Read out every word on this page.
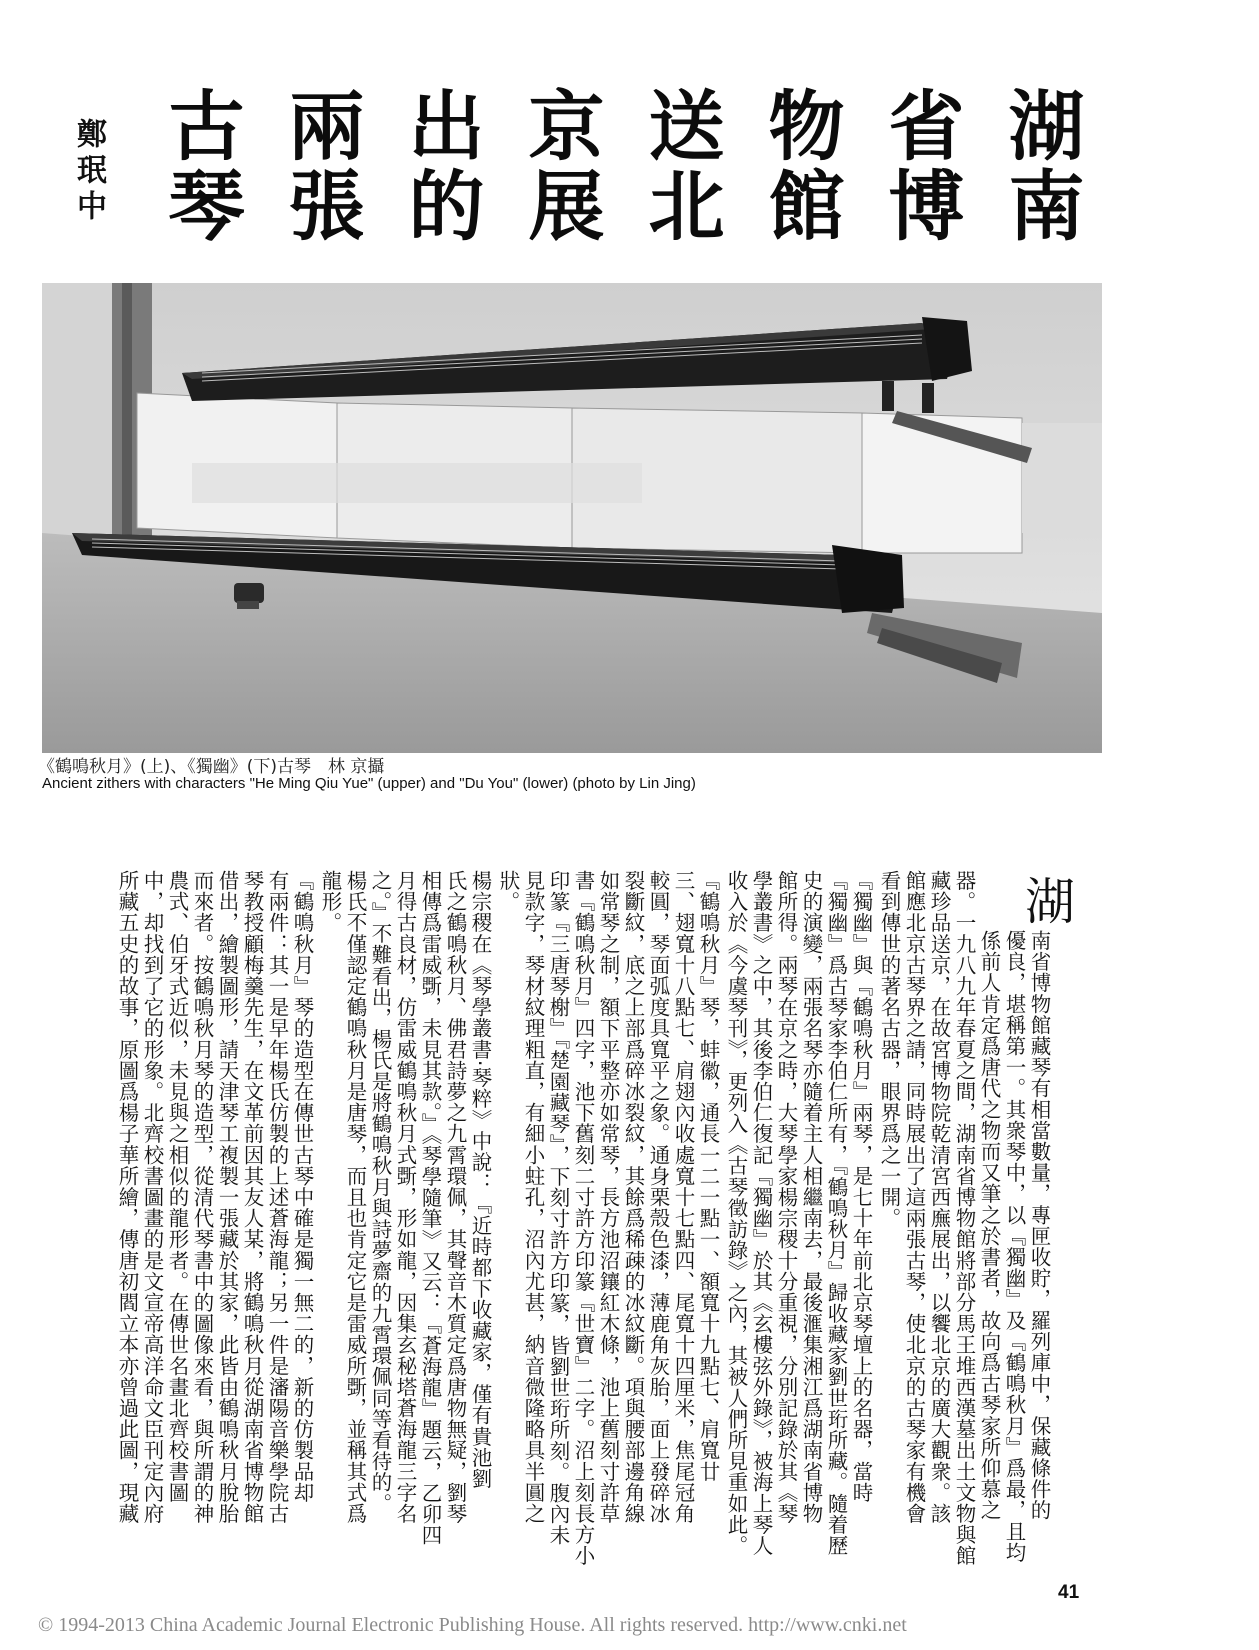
湖南
省博
物館
送北
京展
出的
兩張
古琴
鄭珉中
《鶴鳴秋月》(上)、《獨幽》(下)古琴　林 京攝
Ancient zithers with characters "He Ming Qiu Yue" (upper) and "Du You" (lower) (photo by Lin Jing)
湖
南省博物館藏琴有相當數量，專匣收貯，羅列庫中，保藏條件的
優良，堪稱第一。其衆琴中，以『獨幽』及『鶴鳴秋月』爲最，且均
係前人肯定爲唐代之物而又筆之於書者，故向爲古琴家所仰慕之
器。一九八九年春夏之間，湖南省博物館將部分馬王堆西漢墓出土文物與館
藏珍品送京，在故宮博物院乾清宮西廡展出，以饗北京的廣大觀衆。該
館應北京古琴界之請，同時展出了這兩張古琴，使北京的古琴家有機會
看到傳世的著名古器，眼界爲之一開。
『獨幽』與『鶴鳴秋月』兩琴，是七十年前北京琴壇上的名器，當時
『獨幽』爲古琴家李伯仁所有，『鶴鳴秋月』歸收藏家劉世珩所藏。隨着歷
史的演變，兩張名琴亦隨着主人相繼南去，最後滙集湘江爲湖南省博物
館所得。兩琴在京之時，大琴學家楊宗稷十分重視，分別記錄於其《琴
學叢書》之中，其後李伯仁復記『獨幽』於其《玄樓弦外錄》，被海上琴人
收入於《今虞琴刊》，更列入《古琴徵訪錄》之內，其被人們所見重如此。
『鶴鳴秋月』琴，蚌徽，通長一二一點一、額寬十九點七、肩寬廿
三、翅寬十八點七、肩翅內收處寬十七點四、尾寬十四厘米，焦尾冠角
較圓，琴面弧度具寬平之象。通身栗殼色漆，薄鹿角灰胎，面上發碎冰
裂斷紋，底之上部爲碎冰裂紋，其餘爲稀疎的冰紋斷。項與腰部邊角線
如常琴之制，額下平整亦如常琴，長方池沼鑲紅木條，池上舊刻寸許草
書『鶴鳴秋月』四字，池下舊刻二寸許方印篆『世寶』二字。沼上刻長方小
印篆『三唐琴榭』『楚園藏琴』，下刻寸許方印篆，皆劉世珩所刻。腹內未
見款字，琴材紋理粗直，有細小蛀孔，沼內尤甚，納音微隆略具半圓之
狀。
楊宗稷在《琴學叢書·琴粹》中說：『近時都下收藏家，僅有貴池劉
氏之鶴鳴秋月、佛君詩夢之九霄環佩，其聲音木質定爲唐物無疑，劉琴
相傳爲雷威斲，未見其款。』《琴學隨筆》又云：『蒼海龍』題云，乙卯四
月得古良材，仿雷威鶴鳴秋月式斲，形如龍，因集玄秘塔蒼海龍三字名
之。』不難看出，楊氏是將鶴鳴秋月與詩夢齋的九霄環佩同等看待的。
楊氏不僅認定鶴鳴秋月是唐琴，而且也肯定它是雷威所斲，並稱其式爲
龍形。
『鶴鳴秋月』琴的造型在傳世古琴中確是獨一無二的，新的仿製品却
有兩件：其一是早年楊氏仿製的上述蒼海龍；另一件是瀋陽音樂學院古
琴教授顧梅羹先生，在文革前因其友人某，將鶴鳴秋月從湖南省博物館
借出，繪製圖形，請天津琴工複製一張藏於其家，此皆由鶴鳴秋月脫胎
而來者。按鶴鳴秋月琴的造型，從清代琴書中的圖像來看，與所謂的神
農式、伯牙式近似，未見與之相似的龍形者。在傳世名畫北齊校書圖
中，却找到了它的形象。北齊校書圖畫的是文宣帝高洋命文臣刊定內府
所藏五史的故事，原圖爲楊子華所繪，傳唐初閻立本亦曾過此圖，現藏
41
© 1994-2013 China Academic Journal Electronic Publishing House. All rights reserved. http://www.cnki.net
